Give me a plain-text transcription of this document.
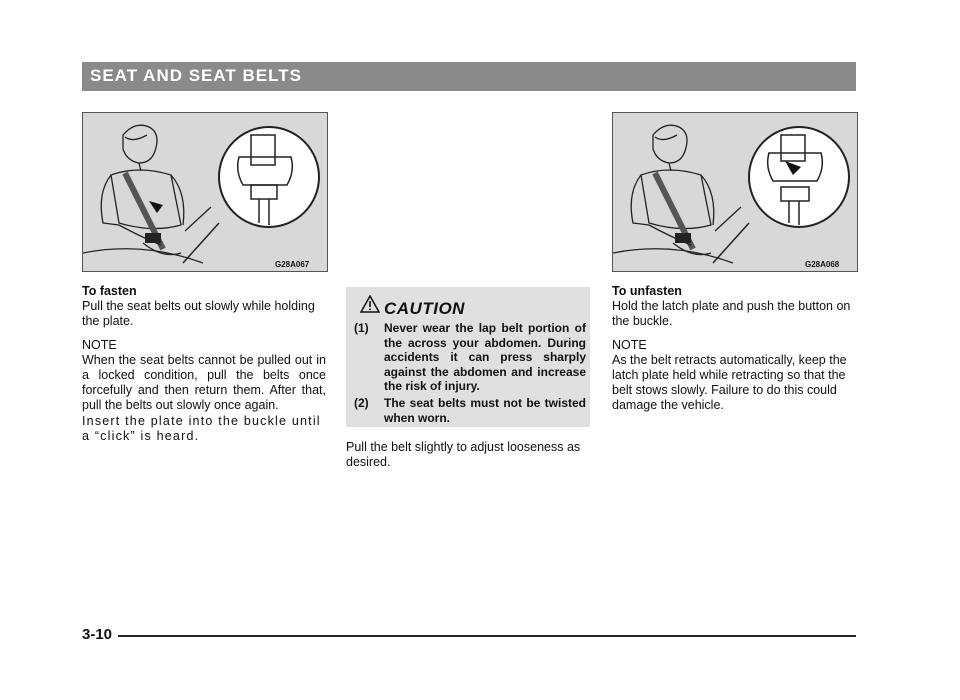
SEAT AND SEAT BELTS
G28A067	G28A068

To fasten

Pull the seat belts out slowly while holding the plate.

NOTE

When the seat belts cannot be pulled out in a locked condition, pull the belts once forcefully and then return them. After that, pull the belts out slowly once again.

Insert the plate into the buckle until a “click” is heard.

CAUTION
(1)	Never wear the lap belt portion of the across your abdomen. During accidents it can press sharply against the abdomen and increase the risk of injury.
(2)	The seat belts must not be twisted when worn.

Pull the belt slightly to adjust looseness as desired.

To unfasten

Hold the latch plate and push the button on the buckle.

NOTE

As the belt retracts automatically, keep the latch plate held while retracting so that the belt stows slowly. Failure to do this could damage the vehicle.

3-10
